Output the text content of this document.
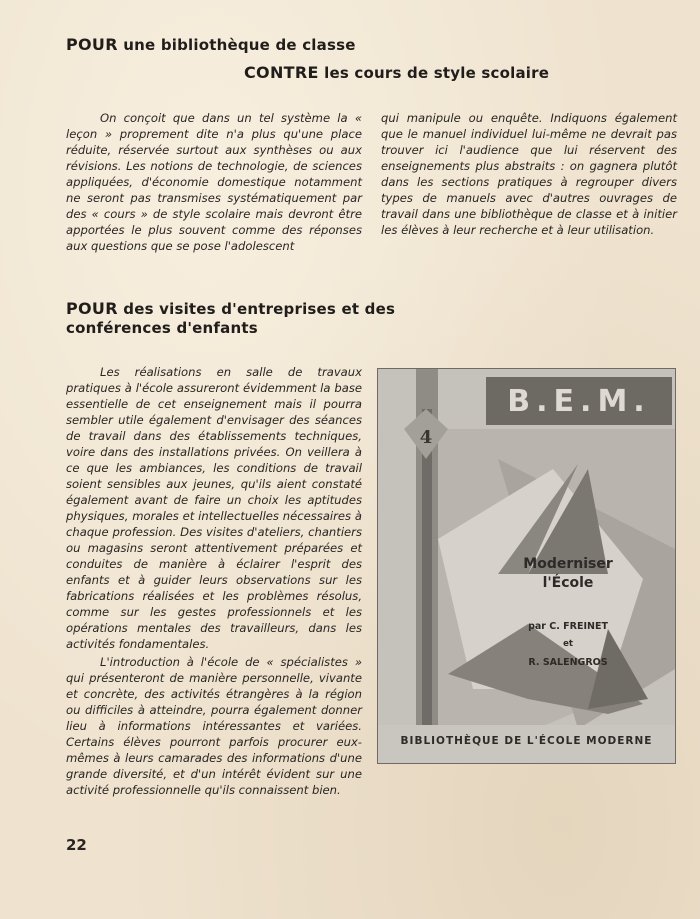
POUR une bibliothèque de classe
CONTRE les cours de style scolaire

On conçoit que dans un tel système la « leçon » proprement dite n'a plus qu'une place réduite, réservée surtout aux synthèses ou aux révisions. Les notions de technologie, de sciences appliquées, d'économie domestique notamment ne seront pas transmises systématiquement par des « cours » de style scolaire mais devront être apportées le plus souvent comme des réponses aux questions que se pose l'adolescent

qui manipule ou enquête. Indiquons également que le manuel individuel lui-même ne devrait pas trouver ici l'audience que lui réservent des enseignements plus abstraits : on gagnera plutôt dans les sections pratiques à regrouper divers types de manuels avec d'autres ouvrages de travail dans une bibliothèque de classe et à initier les élèves à leur recherche et à leur utilisation.

POUR des visites d'entreprises et des
conférences d'enfants

Les réalisations en salle de travaux pratiques à l'école assureront évidemment la base essentielle de cet enseignement mais il pourra sembler utile également d'envisager des séances de travail dans des établissements techniques, voire dans des installations privées. On veillera à ce que les ambiances, les conditions de travail soient sensibles aux jeunes, qu'ils aient constaté également avant de faire un choix les aptitudes physiques, morales et intellectuelles nécessaires à chaque profession. Des visites d'ateliers, chantiers ou magasins seront attentivement préparées et conduites de manière à éclairer l'esprit des enfants et à guider leurs observations sur les fabrications réalisées et les problèmes résolus, comme sur les gestes professionnels et les opérations mentales des travailleurs, dans les activités fondamentales.

L'introduction à l'école de « spécialistes » qui présenteront de manière personnelle, vivante et concrète, des activités étrangères à la région ou difficiles à atteindre, pourra également donner lieu à informations intéressantes et variées. Certains élèves pourront parfois procurer eux-mêmes à leurs camarades des informations d'une grande diversité, et d'un intérêt évident sur une activité professionnelle qu'ils connaissent bien.

B.E.M.
4
Moderniser
l'École
par C. FREINET
et
R. SALENGROS
BIBLIOTHÈQUE DE L'ÉCOLE MODERNE
22
